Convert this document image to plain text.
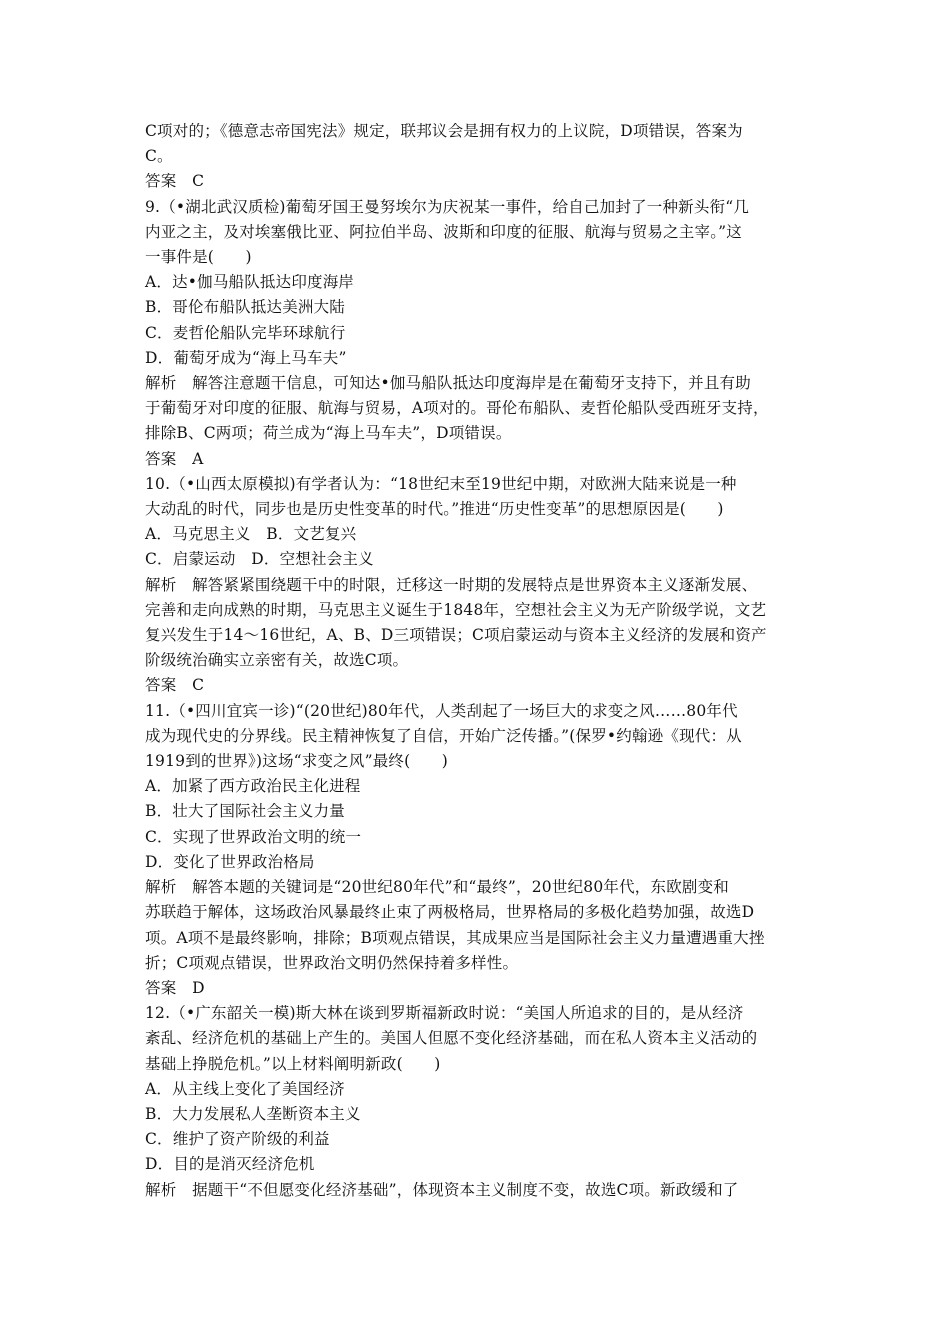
C项对的；《德意志帝国宪法》规定，联邦议会是拥有权力的上议院，D项错误，答案为
C。
答案　C
9.（•湖北武汉质检)葡萄牙国王曼努埃尔为庆祝某一事件，给自己加封了一种新头衔“几
内亚之主，及对埃塞俄比亚、阿拉伯半岛、波斯和印度的征服、航海与贸易之主宰。”这
一事件是(　　)
A．达•伽马船队抵达印度海岸
B．哥伦布船队抵达美洲大陆
C．麦哲伦船队完毕环球航行
D．葡萄牙成为“海上马车夫”
解析　解答注意题干信息，可知达•伽马船队抵达印度海岸是在葡萄牙支持下，并且有助
于葡萄牙对印度的征服、航海与贸易，A项对的。哥伦布船队、麦哲伦船队受西班牙支持，
排除B、C两项；荷兰成为“海上马车夫”，D项错误。
答案　A
10.（•山西太原模拟)有学者认为：“18世纪末至19世纪中期，对欧洲大陆来说是一种
大动乱的时代，同步也是历史性变革的时代。”推进“历史性变革”的思想原因是(　　)
A．马克思主义　B．文艺复兴
C．启蒙运动　D．空想社会主义
解析　解答紧紧围绕题干中的时限，迁移这一时期的发展特点是世界资本主义逐渐发展、
完善和走向成熟的时期，马克思主义诞生于1848年，空想社会主义为无产阶级学说，文艺
复兴发生于14～16世纪，A、B、D三项错误；C项启蒙运动与资本主义经济的发展和资产
阶级统治确实立亲密有关，故选C项。
答案　C
11.（•四川宜宾一诊)“(20世纪)80年代，人类刮起了一场巨大的求变之风……80年代
成为现代史的分界线。民主精神恢复了自信，开始广泛传播。”(保罗•约翰逊《现代：从
1919到的世界》)这场“求变之风”最终(　　)
A．加紧了西方政治民主化进程
B．壮大了国际社会主义力量
C．实现了世界政治文明的统一
D．变化了世界政治格局
解析　解答本题的关键词是“20世纪80年代”和“最终”，20世纪80年代，东欧剧变和
苏联趋于解体，这场政治风暴最终止束了两极格局，世界格局的多极化趋势加强，故选D
项。A项不是最终影响，排除；B项观点错误，其成果应当是国际社会主义力量遭遇重大挫
折；C项观点错误，世界政治文明仍然保持着多样性。
答案　D
12.（•广东韶关一模)斯大林在谈到罗斯福新政时说：“美国人所追求的目的，是从经济
紊乱、经济危机的基础上产生的。美国人但愿不变化经济基础，而在私人资本主义活动的
基础上挣脱危机。”以上材料阐明新政(　　)
A．从主线上变化了美国经济
B．大力发展私人垄断资本主义
C．维护了资产阶级的利益
D．目的是消灭经济危机
解析　据题干“不但愿变化经济基础”，体现资本主义制度不变，故选C项。新政缓和了
